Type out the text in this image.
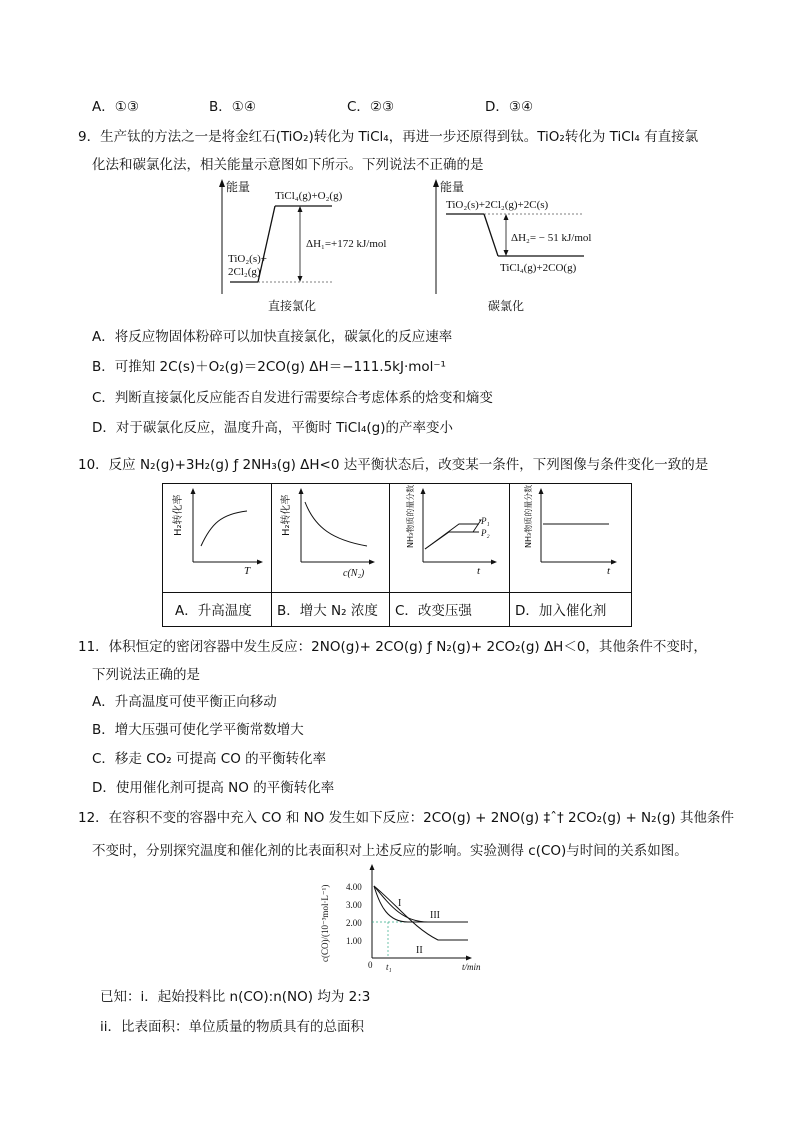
A．①③	B．①④	C．②③	D．③④
9．生产钛的方法之一是将金红石(TiO₂)转化为 TiCl₄，再进一步还原得到钛。TiO₂转化为 TiCl₄ 有直接氯
化法和碳氯化法，相关能量示意图如下所示。下列说法不正确的是
能量
TiCl₄(g)+O₂(g)
TiO₂(s)+
2Cl₂(g)
ΔH₁=+172 kJ/mol
直接氯化
能量
TiO₂(s)+2Cl₂(g)+2C(s)
ΔH₂= − 51 kJ/mol
TiCl₄(g)+2CO(g)
碳氯化
A．将反应物固体粉碎可以加快直接氯化，碳氯化的反应速率
B．可推知 2C(s)＋O₂(g)＝2CO(g) ΔH＝−111.5kJ·mol⁻¹
C．判断直接氯化反应能否自发进行需要综合考虑体系的焓变和熵变
D．对于碳氯化反应，温度升高，平衡时 TiCl₄(g)的产率变小
10．反应 N₂(g)+3H₂(g) ƒ 2NH₃(g) ΔH<0 达平衡状态后，改变某一条件，下列图像与条件变化一致的是
H₂转化率
T
H₂转化率
c(N₂)
NH₃物质的量分数	P₁
P₂
t
NH₃物质的量分数
t
A．升高温度 B．增大 N₂ 浓度 C．改变压强	D．加入催化剂
11．体积恒定的密闭容器中发生反应：2NO(g)+ 2CO(g) ƒ N₂(g)+ 2CO₂(g) ΔH＜0，其他条件不变时，
下列说法正确的是
A．升高温度可使平衡正向移动
B．增大压强可使化学平衡常数增大
C．移走 CO₂ 可提高 CO 的平衡转化率
D．使用催化剂可提高 NO 的平衡转化率
12．在容积不变的容器中充入 CO 和 NO 发生如下反应：2CO(g) + 2NO(g) ‡ˆ† 2CO₂(g) + N₂(g) 其他条件
不变时，分别探究温度和催化剂的比表面积对上述反应的影响。实验测得 c(CO)与时间的关系如图。
c(CO)/(10⁻³mol·L⁻¹) 4.00
3.00
2.00
1.00
0 t₁	t/min
I
II
III
已知：i．起始投料比 n(CO):n(NO) 均为 2:3
ii．比表面积：单位质量的物质具有的总面积
